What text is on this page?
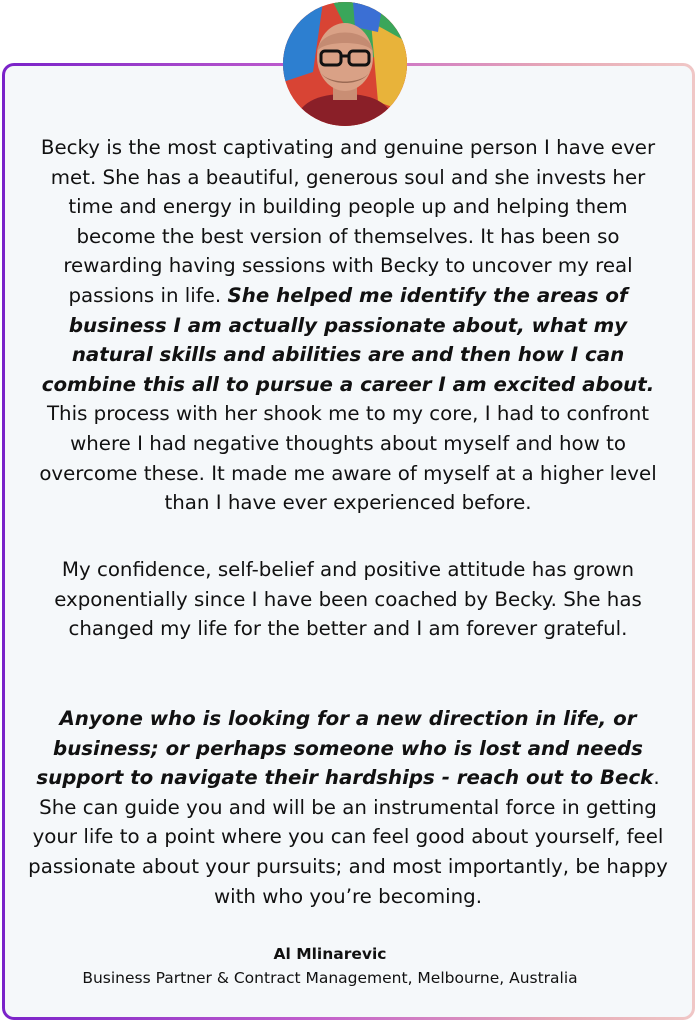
Becky is the most captivating and genuine person I have ever met. She has a beautiful, generous soul and she invests her time and energy in building people up and helping them become the best version of themselves. It has been so rewarding having sessions with Becky to uncover my real passions in life. She helped me identify the areas of business I am actually passionate about, what my natural skills and abilities are and then how I can combine this all to pursue a career I am excited about. This process with her shook me to my core, I had to confront where I had negative thoughts about myself and how to overcome these. It made me aware of myself at a higher level than I have ever experienced before.
My confidence, self-belief and positive attitude has grown exponentially since I have been coached by Becky. She has changed my life for the better and I am forever grateful.
Anyone who is looking for a new direction in life, or business; or perhaps someone who is lost and needs support to navigate their hardships - reach out to Beck. She can guide you and will be an instrumental force in getting your life to a point where you can feel good about yourself, feel passionate about your pursuits; and most importantly, be happy with who you’re becoming.
Al Mlinarevic
Business Partner & Contract Management, Melbourne, Australia
